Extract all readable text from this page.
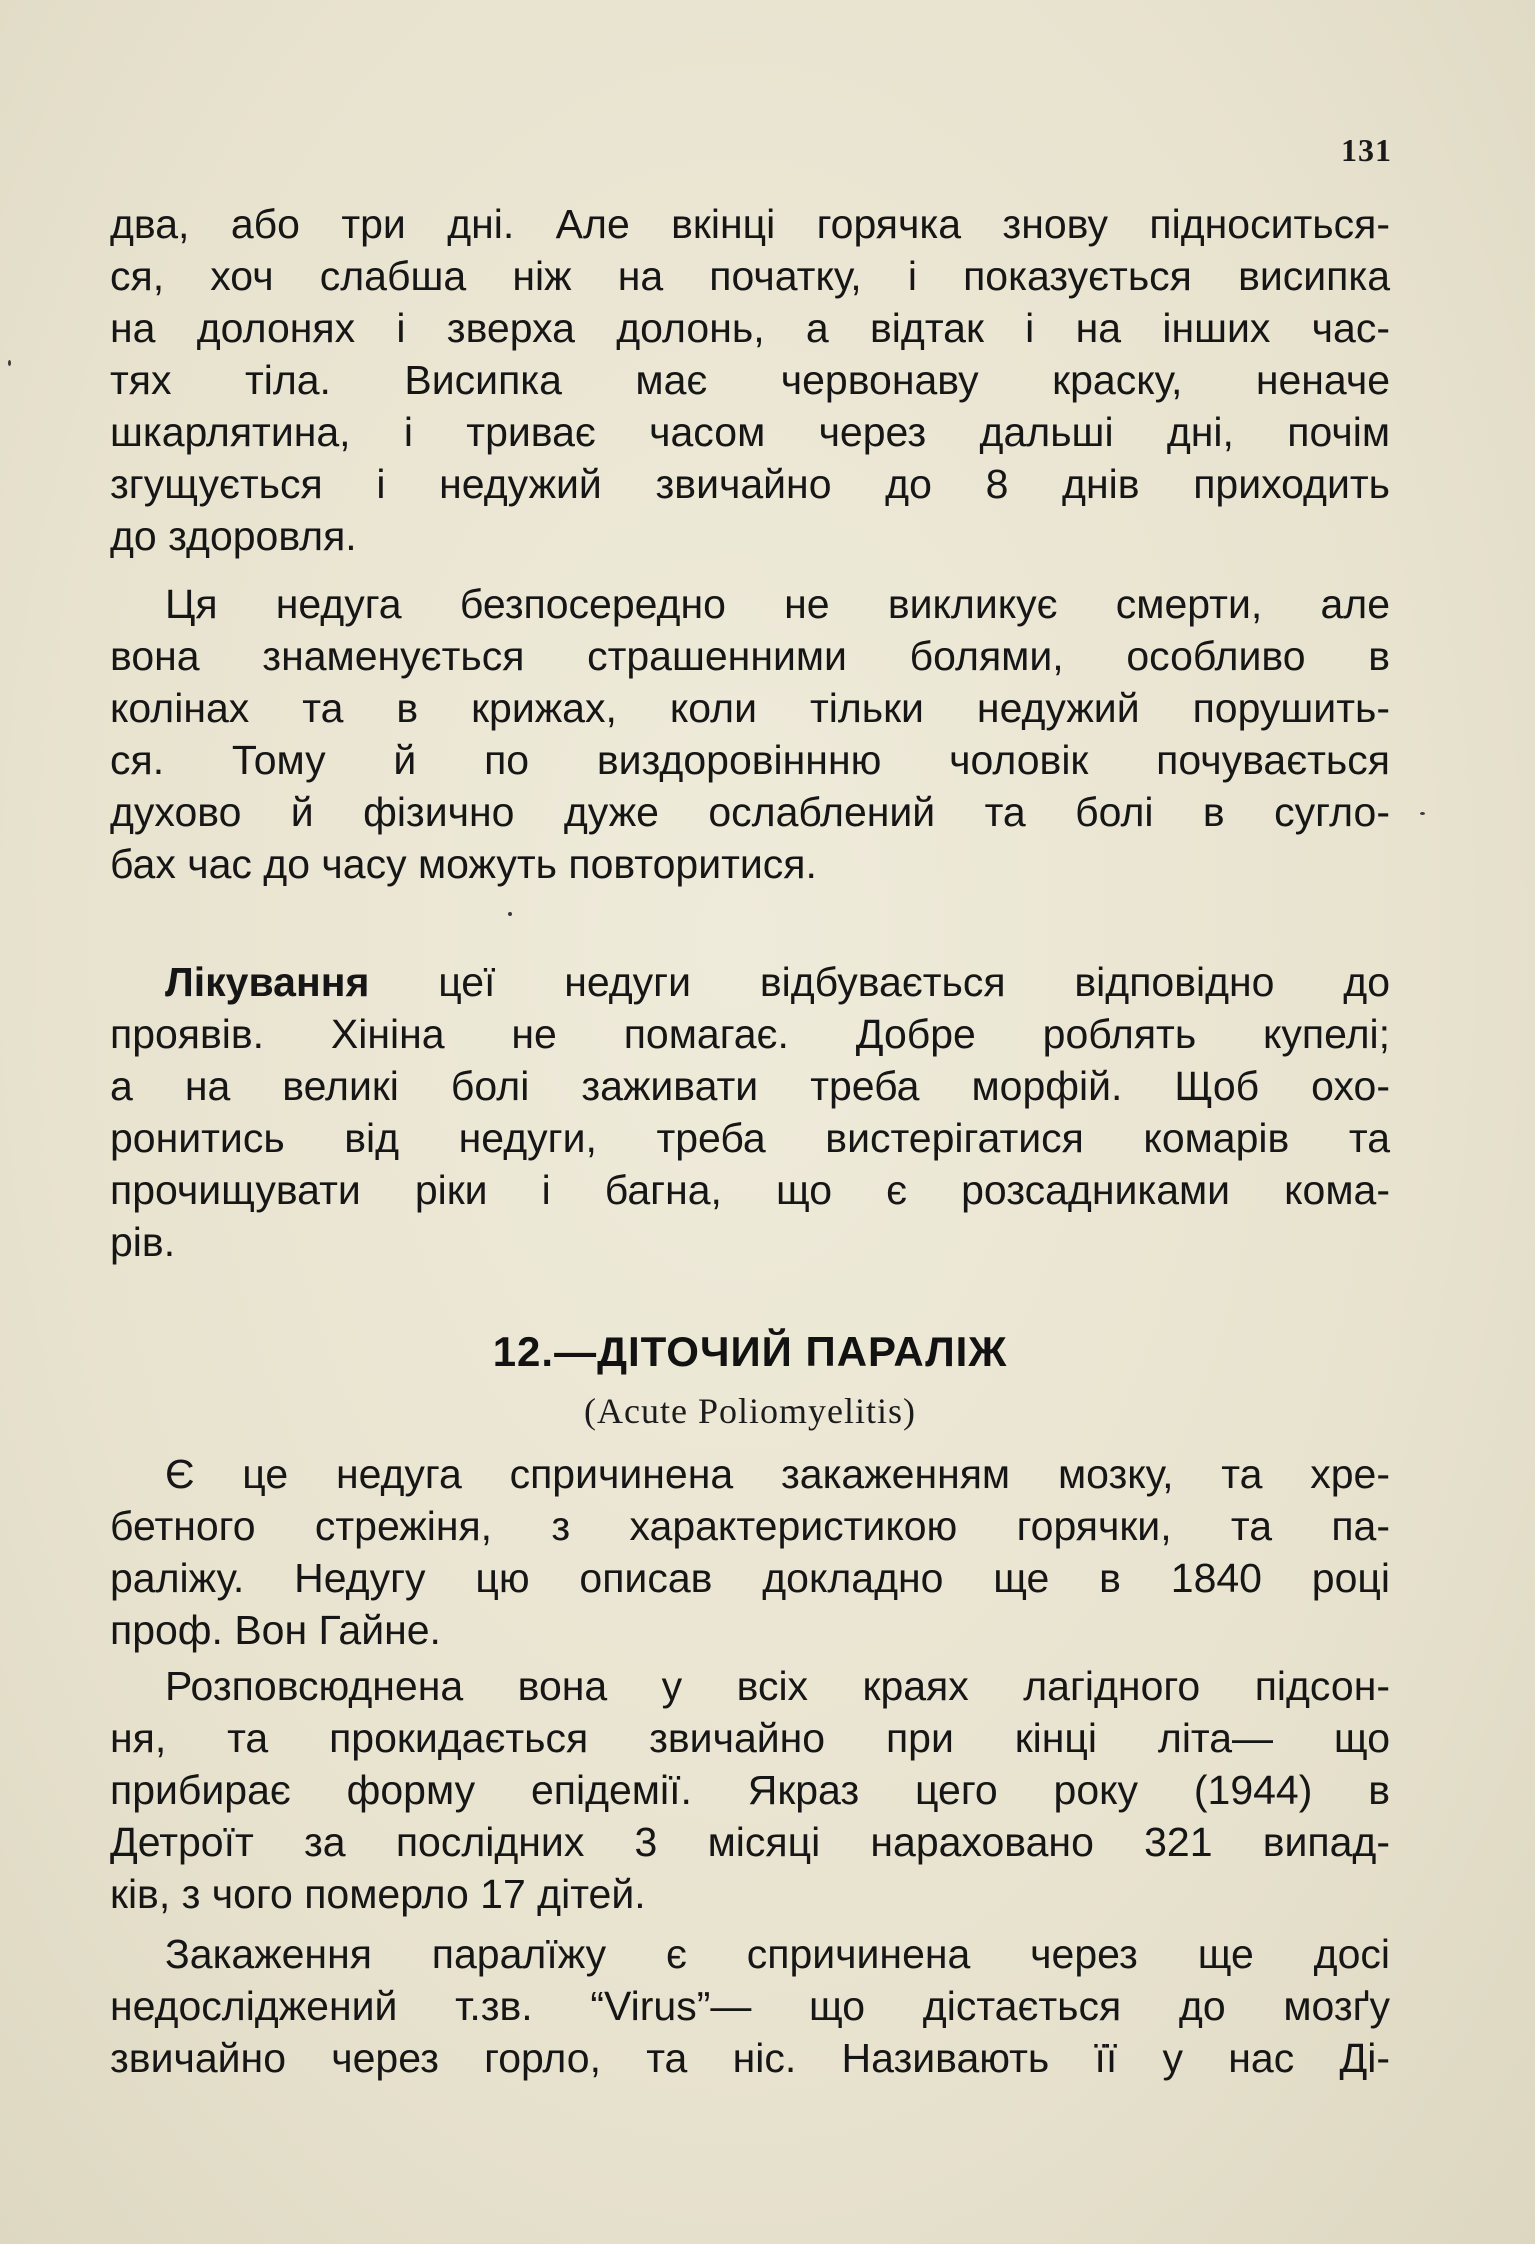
131
два, або три дні. Але вкінці горячка знову підноситься-
ся, хоч слабша ніж на початку, і показується висипка
на долонях і зверха долонь, а відтак і на інших час-
тях тіла. Висипка має червонаву краску, неначе
шкарлятина, і триває часом через дальші дні, почім
згущується і недужий звичайно до 8 днів приходить
до здоровля.
Ця недуга безпосередно не викликує смерти, але
вона знаменується страшенними болями, особливо в
колінах та в крижах, коли тільки недужий порушить-
ся. Тому й по виздоровіннню чоловік почувається
духово й фізично дуже ослаблений та болі в сугло-
бах час до часу можуть повторитися.
Лікування цеї недуги відбувається відповідно до
проявів. Хініна не помагає. Добре роблять купелі;
а на великі болі заживати треба морфій. Щоб охо-
ронитись від недуги, треба вистерігатися комарів та
прочищувати ріки і багна, що є розсадниками кома-
рів.
12.—ДІТОЧИЙ ПАРАЛІЖ
(Acute Poliomyelitis)
Є це недуга спричинена закаженням мозку, та хре-
бетного стрежіня, з характеристикою горячки, та па-
раліжу. Недугу цю описав докладно ще в 1840 році
проф. Вон Гайне.
Розповсюднена вона у всіх краях лагідного підсон-
ня, та прокидається звичайно при кінці літа— що
прибирає форму епідемії. Якраз цего року (1944) в
Детроїт за послідних 3 місяці нараховано 321 випад-
ків, з чого померло 17 дітей.
Закаження паралїжу є спричинена через ще досі
недосліджений т.зв. “Virus”— що дістається до мозґу
звичайно через горло, та ніс. Називають її у нас Ді-
